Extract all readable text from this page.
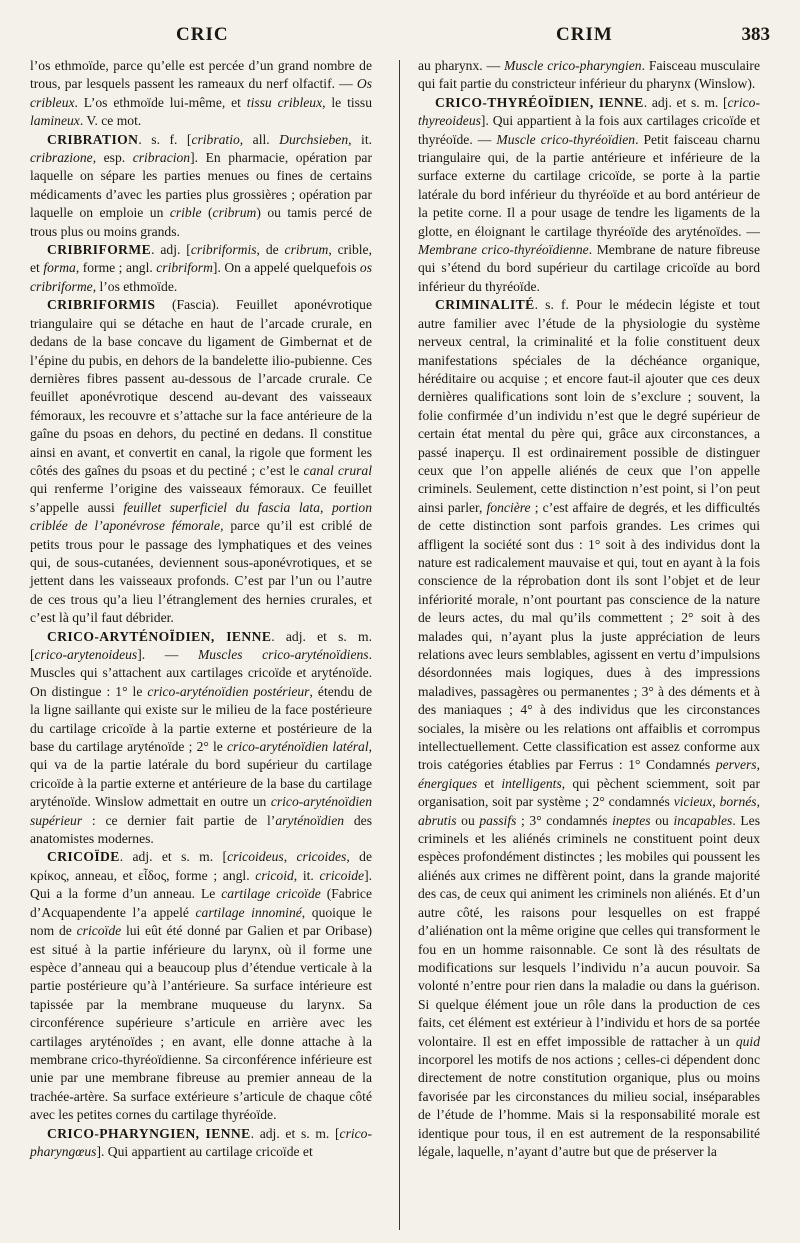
CRIC	CRIM	383

l’os ethmoïde, parce qu’elle est percée d’un grand nombre de trous, par lesquels passent les rameaux du nerf olfactif. — Os cribleux. L’os ethmoïde lui-même, et tissu cribleux, le tissu lamineux. V. ce mot.

CRIBRATION. s. f. [cribratio, all. Durchsieben, it. cribrazione, esp. cribracion]. En pharmacie, opération par laquelle on sépare les parties menues ou fines de certains médicaments d’avec les parties plus grossières ; opération par laquelle on emploie un crible (cribrum) ou tamis percé de trous plus ou moins grands.

CRIBRIFORME. adj. [cribriformis, de cribrum, crible, et forma, forme ; angl. cribriform]. On a appelé quelquefois os cribriforme, l’os ethmoïde.

CRIBRIFORMIS (Fascia). Feuillet aponévrotique triangulaire qui se détache en haut de l’arcade crurale, en dedans de la base concave du ligament de Gimbernat et de l’épine du pubis, en dehors de la bandelette ilio-pubienne. Ces dernières fibres passent au-dessous de l’arcade crurale. Ce feuillet aponévrotique descend au-devant des vaisseaux fémoraux, les recouvre et s’attache sur la face antérieure de la gaîne du psoas en dehors, du pectiné en dedans. Il constitue ainsi en avant, et convertit en canal, la rigole que forment les côtés des gaînes du psoas et du pectiné ; c’est le canal crural qui renferme l’origine des vaisseaux fémoraux. Ce feuillet s’appelle aussi feuillet superficiel du fascia lata, portion criblée de l’aponévrose fémorale, parce qu’il est criblé de petits trous pour le passage des lymphatiques et des veines qui, de sous-cutanées, deviennent sous-aponévrotiques, et se jettent dans les vaisseaux profonds. C’est par l’un ou l’autre de ces trous qu’a lieu l’étranglement des hernies crurales, et c’est là qu’il faut débrider.

CRICO-ARYTÉNOÏDIEN, IENNE. adj. et s. m. [crico-arytenoideus]. — Muscles crico-aryténoïdiens. Muscles qui s’attachent aux cartilages cricoïde et aryténoïde. On distingue : 1° le crico-aryténoïdien postérieur, étendu de la ligne saillante qui existe sur le milieu de la face postérieure du cartilage cricoïde à la partie externe et postérieure de la base du cartilage aryténoïde ; 2° le crico-aryténoïdien latéral, qui va de la partie latérale du bord supérieur du cartilage cricoïde à la partie externe et antérieure de la base du cartilage aryténoïde. Winslow admettait en outre un crico-aryténoïdien supérieur : ce dernier fait partie de l’aryténoïdien des anatomistes modernes.

CRICOÏDE. adj. et s. m. [cricoideus, cricoides, de κρίκος, anneau, et εἶδος, forme ; angl. cricoid, it. cricoide]. Qui a la forme d’un anneau. Le cartilage cricoïde (Fabrice d’Acquapendente l’a appelé cartilage innominé, quoique le nom de cricoïde lui eût été donné par Galien et par Oribase) est situé à la partie inférieure du larynx, où il forme une espèce d’anneau qui a beaucoup plus d’étendue verticale à la partie postérieure qu’à l’antérieure. Sa surface intérieure est tapissée par la membrane muqueuse du larynx. Sa circonférence supérieure s’articule en arrière avec les cartilages aryténoïdes ; en avant, elle donne attache à la membrane crico-thyréoïdienne. Sa circonférence inférieure est unie par une membrane fibreuse au premier anneau de la trachée-artère. Sa surface extérieure s’articule de chaque côté avec les petites cornes du cartilage thyréoïde.

CRICO-PHARYNGIEN, IENNE. adj. et s. m. [crico-pharyngœus]. Qui appartient au cartilage cricoïde et

au pharynx. — Muscle crico-pharyngien. Faisceau musculaire qui fait partie du constricteur inférieur du pharynx (Winslow).

CRICO-THYRÉOÏDIEN, IENNE. adj. et s. m. [crico-thyreoideus]. Qui appartient à la fois aux cartilages cricoïde et thyréoïde. — Muscle crico-thyréoïdien. Petit faisceau charnu triangulaire qui, de la partie antérieure et inférieure de la surface externe du cartilage cricoïde, se porte à la partie latérale du bord inférieur du thyréoïde et au bord antérieur de la petite corne. Il a pour usage de tendre les ligaments de la glotte, en éloignant le cartilage thyréoïde des aryténoïdes. — Membrane crico-thyréoïdienne. Membrane de nature fibreuse qui s’étend du bord supérieur du cartilage cricoïde au bord inférieur du thyréoïde.

CRIMINALITÉ. s. f. Pour le médecin légiste et tout autre familier avec l’étude de la physiologie du système nerveux central, la criminalité et la folie constituent deux manifestations spéciales de la déchéance organique, héréditaire ou acquise ; et encore faut-il ajouter que ces deux dernières qualifications sont loin de s’exclure ; souvent, la folie confirmée d’un individu n’est que le degré supérieur de certain état mental du père qui, grâce aux circonstances, a passé inaperçu. Il est ordinairement possible de distinguer ceux que l’on appelle aliénés de ceux que l’on appelle criminels. Seulement, cette distinction n’est point, si l’on peut ainsi parler, foncière ; c’est affaire de degrés, et les difficultés de cette distinction sont parfois grandes. Les crimes qui affligent la société sont dus : 1° soit à des individus dont la nature est radicalement mauvaise et qui, tout en ayant à la fois conscience de la réprobation dont ils sont l’objet et de leur infériorité morale, n’ont pourtant pas conscience de la nature de leurs actes, du mal qu’ils commettent ; 2° soit à des malades qui, n’ayant plus la juste appréciation de leurs relations avec leurs semblables, agissent en vertu d’impulsions désordonnées mais logiques, dues à des impressions maladives, passagères ou permanentes ; 3° à des déments et à des maniaques ; 4° à des individus que les circonstances sociales, la misère ou les relations ont affaiblis et corrompus intellectuellement. Cette classification est assez conforme aux trois catégories établies par Ferrus : 1° Condamnés pervers, énergiques et intelligents, qui pèchent sciemment, soit par organisation, soit par système ; 2° condamnés vicieux, bornés, abrutis ou passifs ; 3° condamnés ineptes ou incapables. Les criminels et les aliénés criminels ne constituent point deux espèces profondément distinctes ; les mobiles qui poussent les aliénés aux crimes ne diffèrent point, dans la grande majorité des cas, de ceux qui animent les criminels non aliénés. Et d’un autre côté, les raisons pour lesquelles on est frappé d’aliénation ont la même origine que celles qui transforment le fou en un homme raisonnable. Ce sont là des résultats de modifications sur lesquels l’individu n’a aucun pouvoir. Sa volonté n’entre pour rien dans la maladie ou dans la guérison. Si quelque élément joue un rôle dans la production de ces faits, cet élément est extérieur à l’individu et hors de sa portée volontaire. Il est en effet impossible de rattacher à un quid incorporel les motifs de nos actions ; celles-ci dépendent donc directement de notre constitution organique, plus ou moins favorisée par les circonstances du milieu social, inséparables de l’étude de l’homme. Mais si la responsabilité morale est identique pour tous, il en est autrement de la responsabilité légale, laquelle, n’ayant d’autre but que de préserver la
